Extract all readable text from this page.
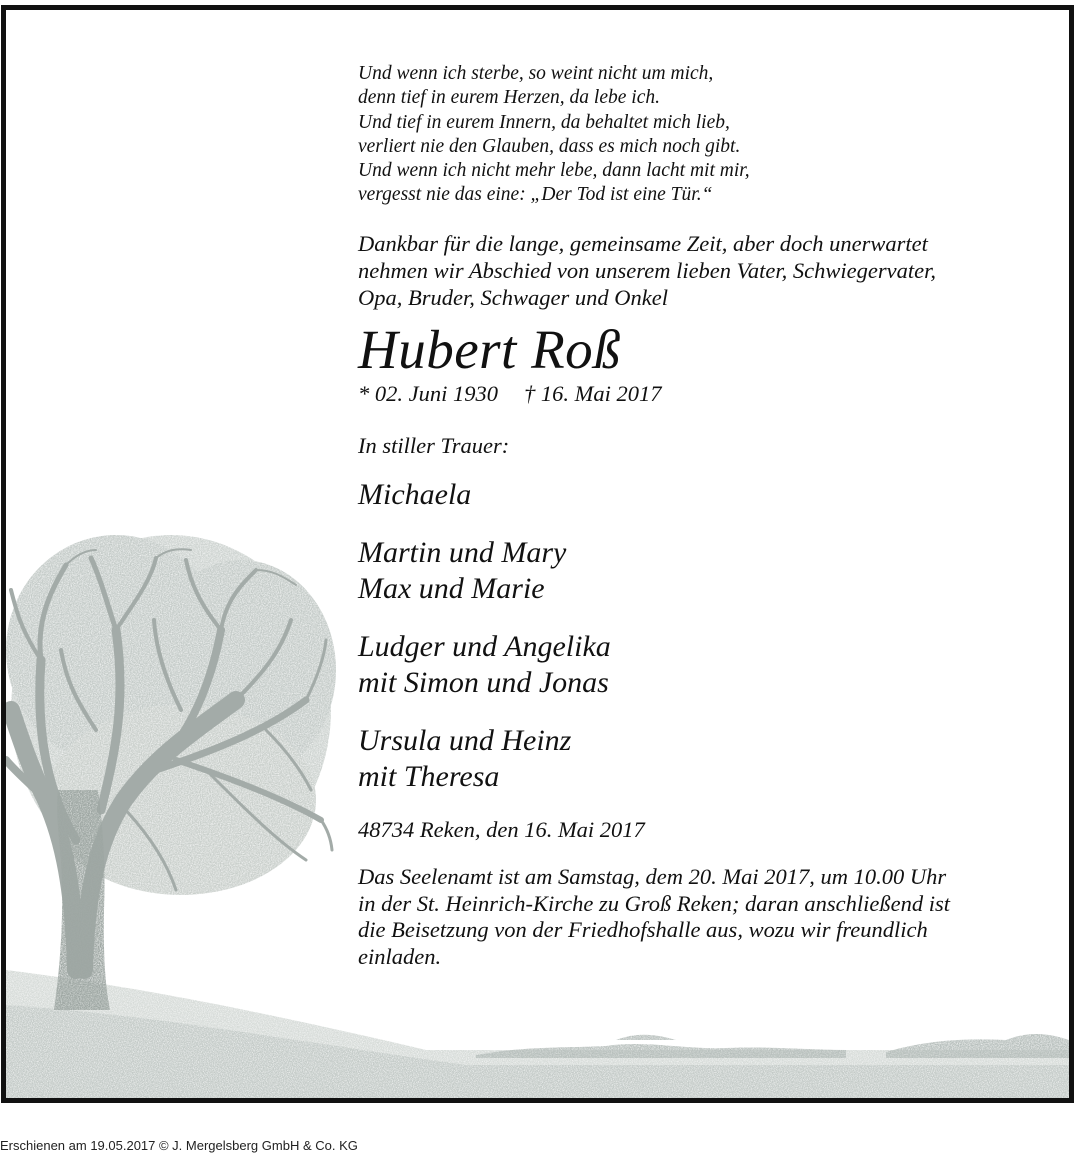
Und wenn ich sterbe, so weint nicht um mich,
denn tief in eurem Herzen, da lebe ich.
Und tief in eurem Innern, da behaltet mich lieb,
verliert nie den Glauben, dass es mich noch gibt.
Und wenn ich nicht mehr lebe, dann lacht mit mir,
vergesst nie das eine: „Der Tod ist eine Tür.“
Dankbar für die lange, gemeinsame Zeit, aber doch unerwartet
nehmen wir Abschied von unserem lieben Vater, Schwiegervater,
Opa, Bruder, Schwager und Onkel
Hubert Roß
* 02. Juni 1930 † 16. Mai 2017
In stiller Trauer:
Michaela
Martin und Mary
Max und Marie
Ludger und Angelika
mit Simon und Jonas
Ursula und Heinz
mit Theresa
48734 Reken, den 16. Mai 2017
Das Seelenamt ist am Samstag, dem 20. Mai 2017, um 10.00 Uhr
in der St. Heinrich-Kirche zu Groß Reken; daran anschließend ist
die Beisetzung von der Friedhofshalle aus, wozu wir freundlich
einladen.
Erschienen am 19.05.2017 © J. Mergelsberg GmbH & Co. KG
